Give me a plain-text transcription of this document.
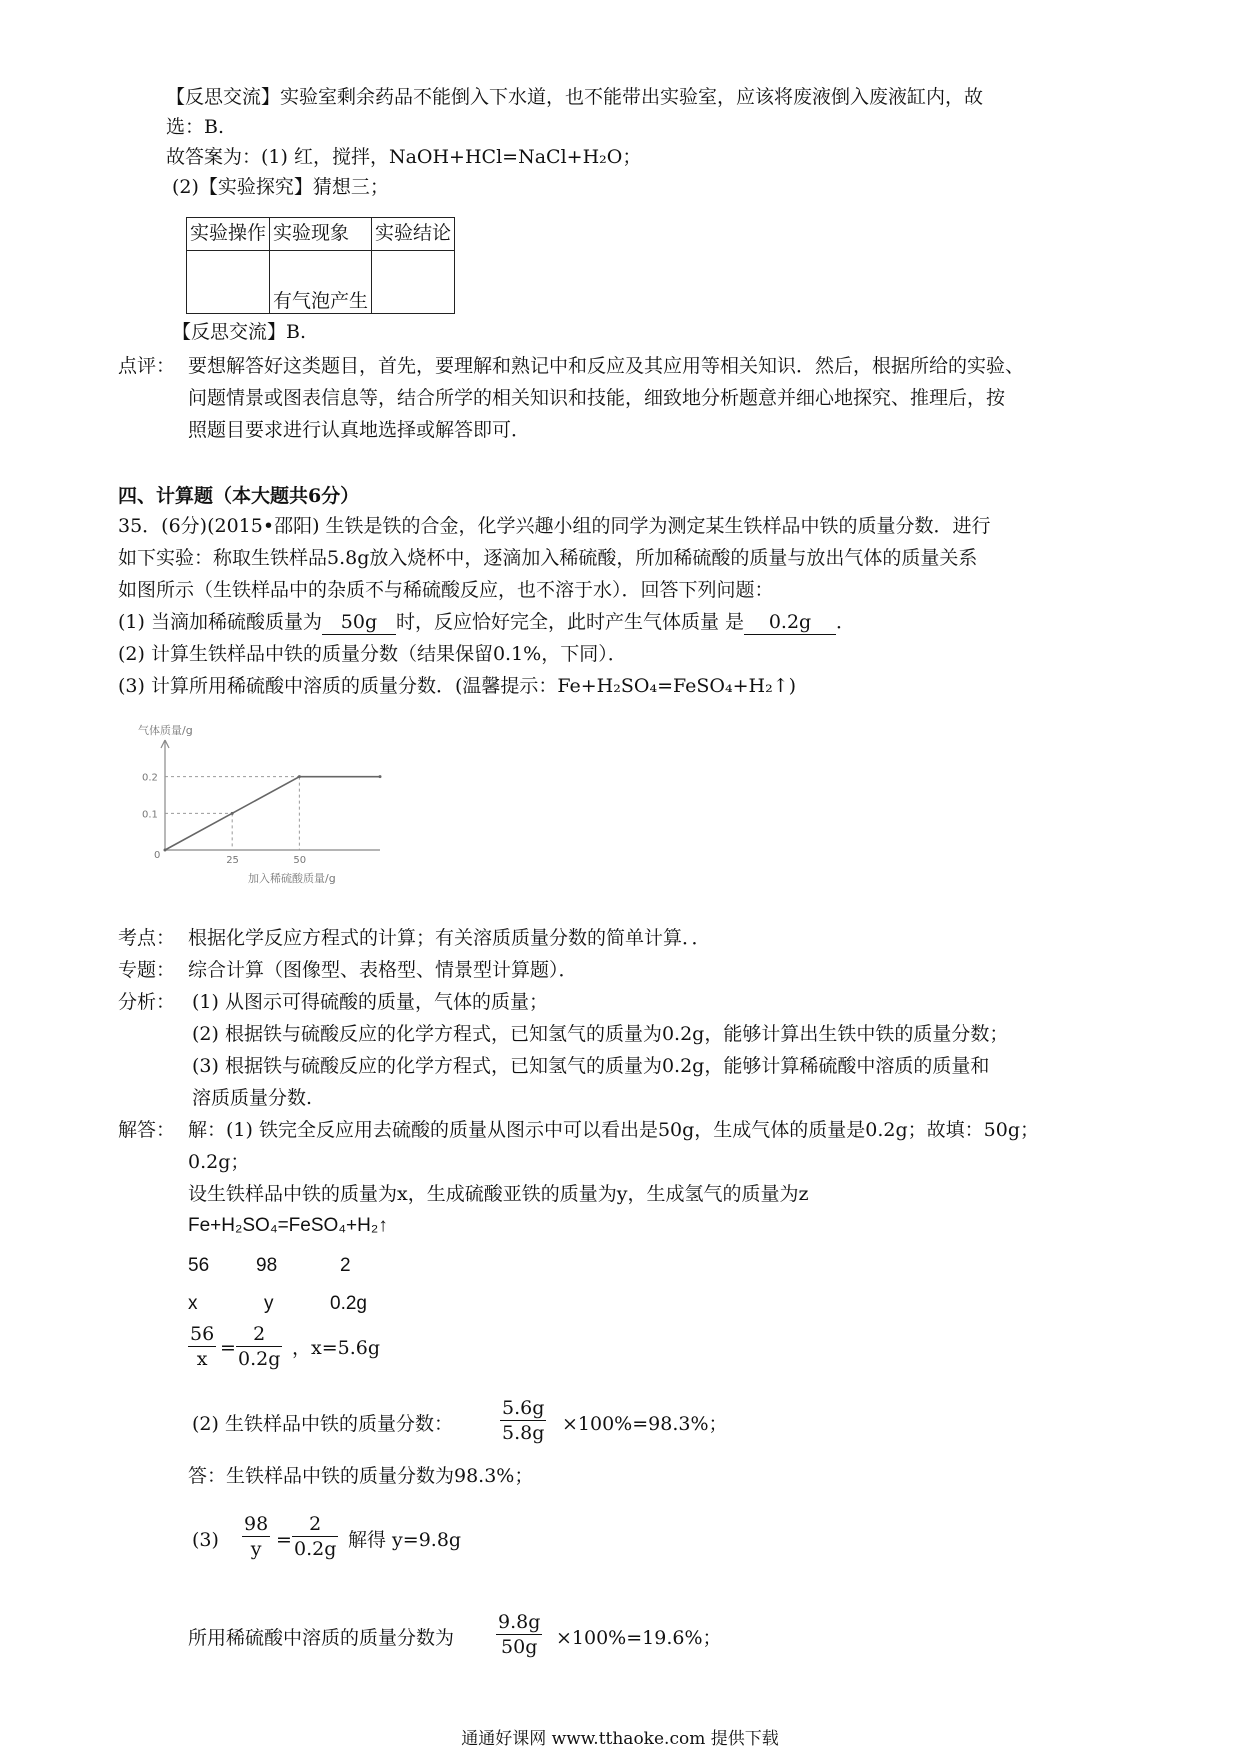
【反思交流】实验室剩余药品不能倒入下水道，也不能带出实验室，应该将废液倒入废液缸内，故
选：B.
故答案为：(1) 红，搅拌，NaOH+HCl=NaCl+H₂O；
(2)【实验探究】猜想三；
实验操作	实验现象	实验结论
	有气泡产生	
【反思交流】B.
点评： 要想解答好这类题目，首先，要理解和熟记中和反应及其应用等相关知识．然后，根据所给的实验、
问题情景或图表信息等，结合所学的相关知识和技能，细致地分析题意并细心地探究、推理后，按
照题目要求进行认真地选择或解答即可．
四、计算题（本大题共6分）
35．(6分)(2015•邵阳) 生铁是铁的合金，化学兴趣小组的同学为测定某生铁样品中铁的质量分数．进行
如下实验：称取生铁样品5.8g放入烧杯中，逐滴加入稀硫酸，所加稀硫酸的质量与放出气体的质量关系
如图所示（生铁样品中的杂质不与稀硫酸反应，也不溶于水）．回答下列问题：
(1) 当滴加稀硫酸质量为 50g 时，反应恰好完全，此时产生气体质量 是 0.2g ．
(2) 计算生铁样品中铁的质量分数（结果保留0.1%，下同）．
(3) 计算所用稀硫酸中溶质的质量分数．(温馨提示：Fe+H₂SO₄=FeSO₄+H₂↑)
25	50
0.1
0.2
气体质量/g
加入稀硫酸质量/g
0
考点： 根据化学反应方程式的计算；有关溶质质量分数的简单计算．．
专题： 综合计算（图像型、表格型、情景型计算题）．
分析： (1) 从图示可得硫酸的质量，气体的质量；
(2) 根据铁与硫酸反应的化学方程式，已知氢气的质量为0.2g，能够计算出生铁中铁的质量分数；
(3) 根据铁与硫酸反应的化学方程式，已知氢气的质量为0.2g，能够计算稀硫酸中溶质的质量和
溶质质量分数.
解答： 解：(1) 铁完全反应用去硫酸的质量从图示中可以看出是50g，生成气体的质量是0.2g；故填：50g；
0.2g；
设生铁样品中铁的质量为x，生成硫酸亚铁的质量为y，生成氢气的质量为z
Fe+H₂SO₄=FeSO₄+H₂↑
56 98	2
x	y	0.2g
$\frac{56}{x} = \frac{2}{0.2g}$ ，x=5.6g
(2) 生铁样品中铁的质量分数： $\frac{5.6g}{5.8g} \times 100\%=98.3\%$；
答：生铁样品中铁的质量分数为98.3%；
$(3) \frac{98}{y} = \frac{2}{0.2g}$ 解得 y=9.8g
所用稀硫酸中溶质的质量分数为 $\frac{9.8g}{50g} \times 100\%=19.6\%$；
通通好课网 www.tthaoke.com 提供下载
